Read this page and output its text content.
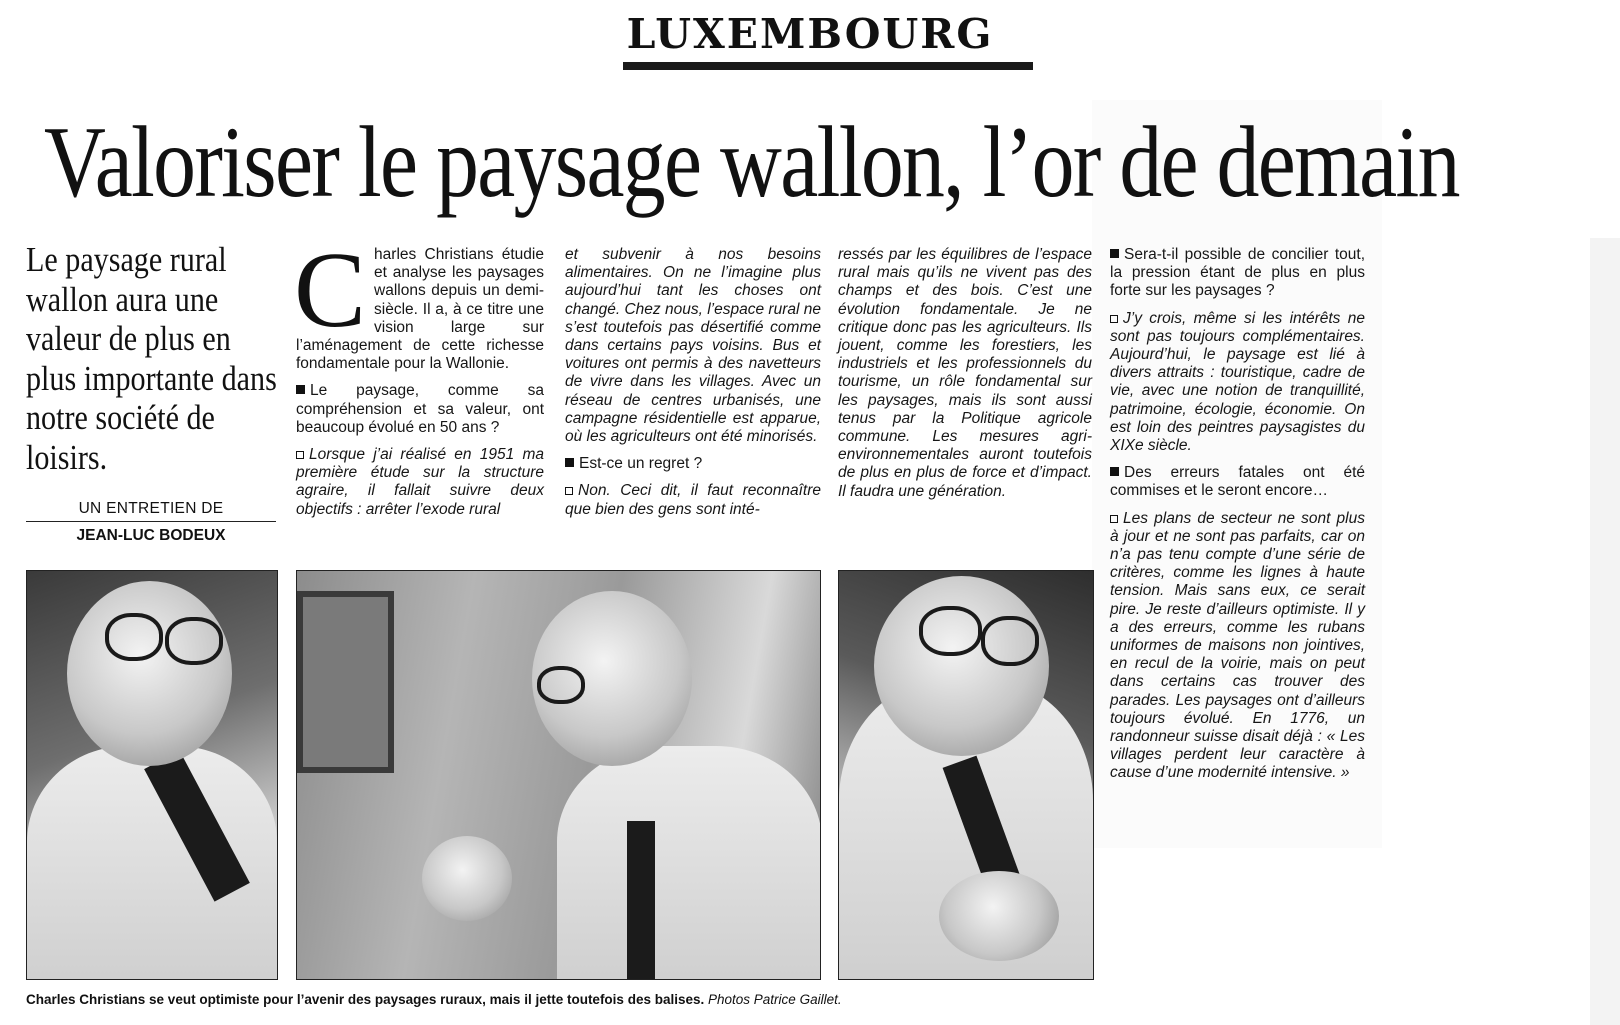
LUXEMBOURG
Valoriser le paysage wallon, l’or de demain
Le paysage rural wallon aura une valeur de plus en plus importante dans notre société de loisirs.
UN ENTRETIEN DE
JEAN-LUC BODEUX

Charles Christians étudie et analyse les paysages wallons depuis un demi-siècle. Il a, à ce titre une vision large sur l’aménagement de cette richesse fondamentale pour la Wallonie.

Le paysage, comme sa compréhension et sa valeur, ont beaucoup évolué en 50 ans ?

Lorsque j’ai réalisé en 1951 ma première étude sur la structure agraire, il fallait suivre deux objectifs : arrêter l’exode rural

et subvenir à nos besoins alimentaires. On ne l’imagine plus aujourd’hui tant les choses ont changé. Chez nous, l’espace rural ne s’est toutefois pas désertifié comme dans certains pays voisins. Bus et voitures ont permis à des navetteurs de vivre dans les villages. Avec un réseau de centres urbanisés, une campagne résidentielle est apparue, où les agriculteurs ont été minorisés.

Est-ce un regret ?

Non. Ceci dit, il faut reconnaître que bien des gens sont inté-

ressés par les équilibres de l’espace rural mais qu’ils ne vivent pas des champs et des bois. C’est une évolution fondamentale. Je ne critique donc pas les agriculteurs. Ils jouent, comme les forestiers, les industriels et les professionnels du tourisme, un rôle fondamental sur les paysages, mais ils sont aussi tenus par la Politique agricole commune. Les mesures agri-environnementales auront toutefois de plus en plus de force et d’impact. Il faudra une génération.

Sera-t-il possible de concilier tout, la pression étant de plus en plus forte sur les paysages ?

J’y crois, même si les intérêts ne sont pas toujours complémentaires. Aujourd’hui, le paysage est lié à divers attraits : touristique, cadre de vie, avec une notion de tranquillité, patrimoine, écologie, économie. On est loin des peintres paysagistes du XIXe siècle.

Des erreurs fatales ont été commises et le seront encore…

Les plans de secteur ne sont plus à jour et ne sont pas parfaits, car on n’a pas tenu compte d’une série de critères, comme les lignes à haute tension. Mais sans eux, ce serait pire. Je reste d’ailleurs optimiste. Il y a des erreurs, comme les rubans uniformes de maisons non jointives, en recul de la voirie, mais on peut dans certains cas trouver des parades. Les paysages ont d’ailleurs toujours évolué. En 1776, un randonneur suisse disait déjà : « Les villages perdent leur caractère à cause d’une modernité intensive. »

Charles Christians se veut optimiste pour l’avenir des paysages ruraux, mais il jette toutefois des balises. Photos Patrice Gaillet.
